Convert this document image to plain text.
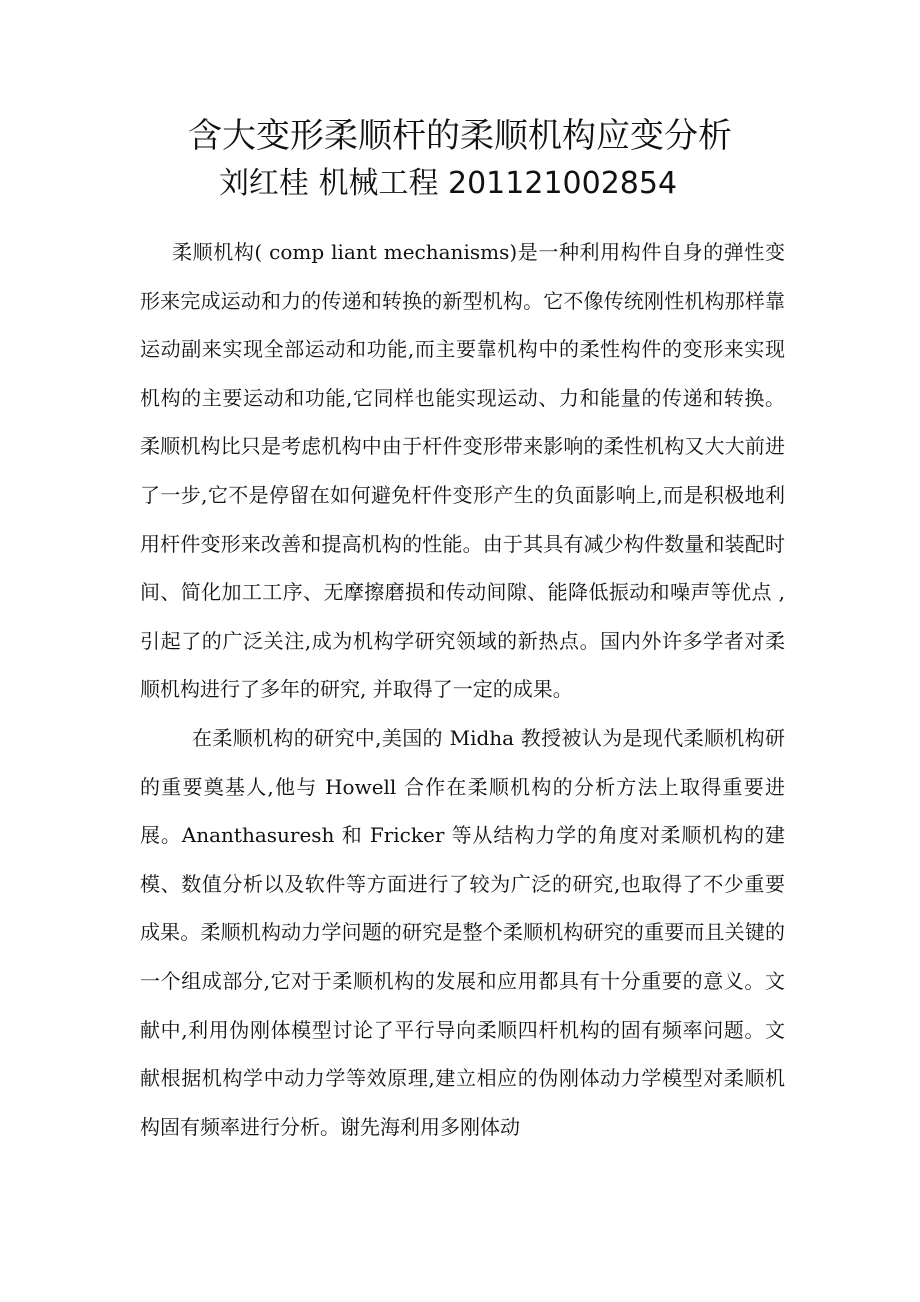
含大变形柔顺杆的柔顺机构应变分析
刘红桂 机械工程 201121002854

柔顺机构( comp liant mechanisms)是一种利用构件自身的弹性变形来完成运动和力的传递和转换的新型机构。它不像传统刚性机构那样靠运动副来实现全部运动和功能,而主要靠机构中的柔性构件的变形来实现机构的主要运动和功能,它同样也能实现运动、力和能量的传递和转换。柔顺机构比只是考虑机构中由于杆件变形带来影响的柔性机构又大大前进了一步,它不是停留在如何避免杆件变形产生的负面影响上,而是积极地利用杆件变形来改善和提高机构的性能。由于其具有减少构件数量和装配时间、简化加工工序、无摩擦磨损和传动间隙、能降低振动和噪声等优点 ,引起了的广泛关注,成为机构学研究领域的新热点。国内外许多学者对柔顺机构进行了多年的研究, 并取得了一定的成果。

在柔顺机构的研究中,美国的 Midha 教授被认为是现代柔顺机构研的重要奠基人,他与 Howell 合作在柔顺机构的分析方法上取得重要进展。Ananthasuresh 和 Fricker 等从结构力学的角度对柔顺机构的建模、数值分析以及软件等方面进行了较为广泛的研究,也取得了不少重要成果。柔顺机构动力学问题的研究是整个柔顺机构研究的重要而且关键的一个组成部分,它对于柔顺机构的发展和应用都具有十分重要的意义。文献中,利用伪刚体模型讨论了平行导向柔顺四杆机构的固有频率问题。文献根据机构学中动力学等效原理,建立相应的伪刚体动力学模型对柔顺机构固有频率进行分析。谢先海利用多刚体动
